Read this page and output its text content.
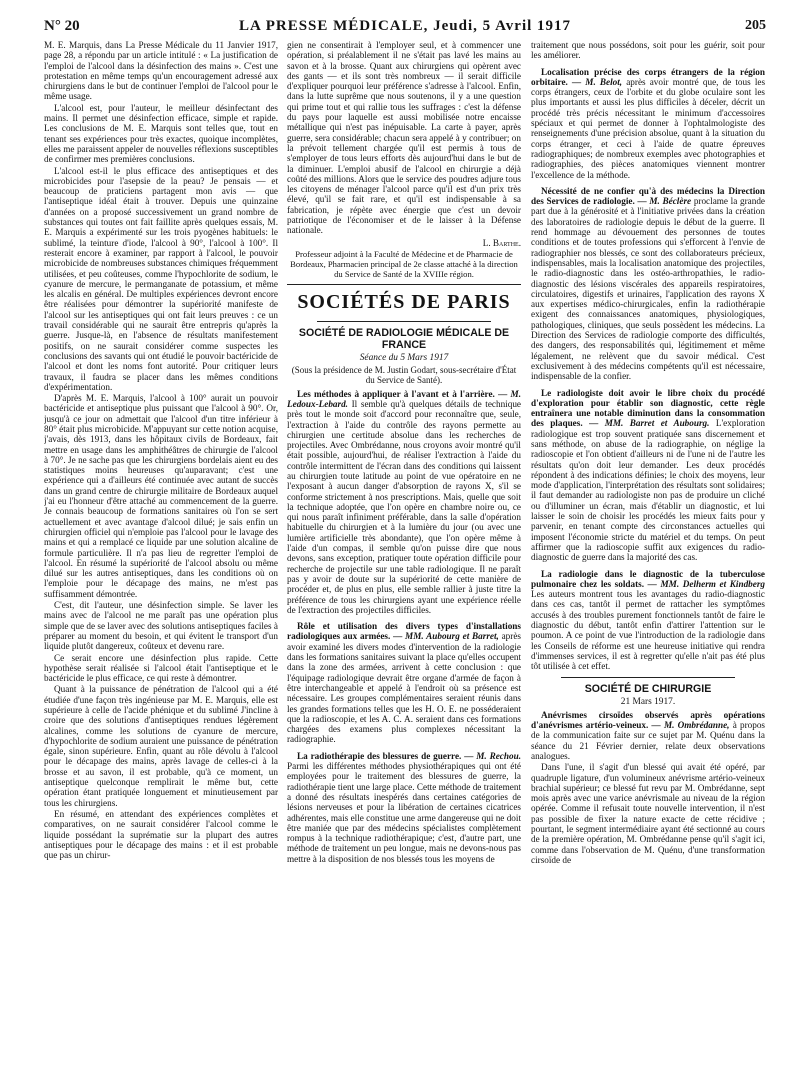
N° 20	LA PRESSE MÉDICALE, Jeudi, 5 Avril 1917	205

M. E. Marquis, dans La Presse Médicale du 11 Janvier 1917, page 28, a répondu par un article intitulé : « La justification de l'emploi de l'alcool dans la désinfection des mains ». C'est une protestation en même temps qu'un encouragement adressé aux chirurgiens dans le but de continuer l'emploi de l'alcool pour le même usage.

L'alcool est, pour l'auteur, le meilleur désinfectant des mains. Il permet une désinfection efficace, simple et rapide. Les conclusions de M. E. Marquis sont telles que, tout en tenant ses expériences pour très exactes, quoique incomplètes, elles me paraissent appeler de nouvelles réflexions susceptibles de confirmer mes premières conclusions.

L'alcool est-il le plus efficace des antiseptiques et des microbicides pour l'asepsie de la peau? Je pensais — et beaucoup de praticiens partagent mon avis — que l'antiseptique idéal était à trouver. Depuis une quinzaine d'années on a proposé successivement un grand nombre de substances qui toutes ont fait faillite après quelques essais, M. E. Marquis a expérimenté sur les trois pyogènes habituels: le sublimé, la teinture d'iode, l'alcool à 90°, l'alcool à 100°. Il resterait encore à examiner, par rapport à l'alcool, le pouvoir microbicide de nombreuses substances chimiques fréquemment utilisées, et peu coûteuses, comme l'hypochlorite de sodium, le cyanure de mercure, le permanganate de potassium, et même les alcalis en général. De multiples expériences devront encore être réalisées pour démontrer la supériorité manifeste de l'alcool sur les antiseptiques qui ont fait leurs preuves : ce un travail considérable qui ne saurait être entrepris qu'après la guerre. Jusque-là, en l'absence de résultats manifestement positifs, on ne saurait considérer comme suspectes les conclusions des savants qui ont étudié le pouvoir bactéricide de l'alcool et dont les noms font autorité. Pour critiquer leurs travaux, il faudra se placer dans les mêmes conditions d'expérimentation.

D'après M. E. Marquis, l'alcool à 100° aurait un pouvoir bactéricide et antiseptique plus puissant que l'alcool à 90°. Or, jusqu'à ce jour on admettait que l'alcool d'un titre inférieur à 80° était plus microbicide. M'appuyant sur cette notion acquise, j'avais, dès 1913, dans les hôpitaux civils de Bordeaux, fait mettre en usage dans les amphithéâtres de chirurgie de l'alcool à 70°. Je ne sache pas que les chirurgiens bordelais aient eu des statistiques moins heureuses qu'auparavant; c'est une expérience qui a d'ailleurs été continuée avec autant de succès dans un grand centre de chirurgie militaire de Bordeaux auquel j'ai eu l'honneur d'être attaché au commencement de la guerre. Je connais beaucoup de formations sanitaires où l'on se sert actuellement et avec avantage d'alcool dilué; je sais enfin un chirurgien officiel qui n'emploie pas l'alcool pour le lavage des mains et qui a remplacé ce liquide par une solution alcaline de formule particulière. Il n'a pas lieu de regretter l'emploi de l'alcool. En résumé la supériorité de l'alcool absolu ou même dilué sur les autres antiseptiques, dans les conditions où on l'emploie pour le décapage des mains, ne m'est pas suffisamment démontrée.

C'est, dit l'auteur, une désinfection simple. Se laver les mains avec de l'alcool ne me paraît pas une opération plus simple que de se laver avec des solutions antiseptiques faciles à préparer au moment du besoin, et qui évitent le transport d'un liquide plutôt dangereux, coûteux et devenu rare.

Ce serait encore une désinfection plus rapide. Cette hypothèse serait réalisée si l'alcool était l'antiseptique et le bactéricide le plus efficace, ce qui reste à démontrer.

Quant à la puissance de pénétration de l'alcool qui a été étudiée d'une façon très ingénieuse par M. E. Marquis, elle est supérieure à celle de l'acide phénique et du sublimé J'incline à croire que des solutions d'antiseptiques rendues légèrement alcalines, comme les solutions de cyanure de mercure, d'hypochlorite de sodium auraient une puissance de pénétration égale, sinon supérieure. Enfin, quant au rôle dévolu à l'alcool pour le décapage des mains, après lavage de celles-ci à la brosse et au savon, il est probable, qu'à ce moment, un antiseptique quelconque remplirait le même but, cette opération étant pratiquée longuement et minutieusement par tous les chirurgiens.

En résumé, en attendant des expériences complètes et comparatives, on ne saurait considérer l'alcool comme le liquide possédant la suprématie sur la plupart des autres antiseptiques pour le décapage des mains : et il est probable que pas un chirur-

gien ne consentirait à l'employer seul, et à commencer une opération, si préalablement il ne s'était pas lavé les mains au savon et à la brosse. Quant aux chirurgiens qui opèrent avec des gants — et ils sont très nombreux — il serait difficile d'expliquer pourquoi leur préférence s'adresse à l'alcool. Enfin, dans la lutte suprême que nous soutenons, il y a une question qui prime tout et qui rallie tous les suffrages : c'est la défense du pays pour laquelle est aussi mobilisée notre encaisse métallique qui n'est pas inépuisable. La carte à payer, après guerre, sera considérable; chacun sera appelé à y contribuer; on la prévoit tellement chargée qu'il est permis à tous de s'employer de tous leurs efforts dès aujourd'hui dans le but de la diminuer. L'emploi abusif de l'alcool en chirurgie a déjà coûté des millions. Alors que le service des poudres adjure tous les citoyens de ménager l'alcool parce qu'il est d'un prix très élevé, qu'il se fait rare, et qu'il est indispensable à sa fabrication, je répète avec énergie que c'est un devoir patriotique de l'économiser et de le laisser à la Défense nationale.

L. Barthe.
Professeur adjoint à la Faculté de Médecine et de Pharmacie de Bordeaux, Pharmacien principal de 2e classe attaché à la direction du Service de Santé de la XVIIIe région.
SOCIÉTÉS DE PARIS
SOCIÉTÉ DE RADIOLOGIE MÉDICALE DE FRANCE
Séance du 5 Mars 1917
(Sous la présidence de M. Justin Godart, sous-secrétaire d'État du Service de Santé).

Les méthodes à appliquer à l'avant et à l'arrière. — M. Ledoux-Lebard. Il semble qu'à quelques détails de technique près tout le monde soit d'accord pour reconnaître que, seule, l'extraction à l'aide du contrôle des rayons permette au chirurgien une certitude absolue dans les recherches de projectiles. Avec Ombrédanne, nous croyons avoir montré qu'il était possible, aujourd'hui, de réaliser l'extraction à l'aide du contrôle intermittent de l'écran dans des conditions qui laissent au chirurgien toute latitude au point de vue opératoire en ne l'exposant à aucun danger d'absorption de rayons X, s'il se conforme strictement à nos prescriptions. Mais, quelle que soit la technique adoptée, que l'on opère en chambre noire ou, ce qui nous paraît infiniment préférable, dans la salle d'opération habituelle du chirurgien et à la lumière du jour (ou avec une lumière artificielle très abondante), que l'on opère même à l'aide d'un compas, il semble qu'on puisse dire que nous devons, sans exception, pratiquer toute opération difficile pour recherche de projectile sur une table radiologique. Il ne paraît pas y avoir de doute sur la supériorité de cette manière de procéder et, de plus en plus, elle semble rallier à juste titre la préférence de tous les chirurgiens ayant une expérience réelle de l'extraction des projectiles difficiles.

Rôle et utilisation des divers types d'installations radiologiques aux armées. — MM. Aubourg et Barret, après avoir examiné les divers modes d'intervention de la radiologie dans les formations sanitaires suivant la place qu'elles occupent dans la zone des armées, arrivent à cette conclusion : que l'équipage radiologique devrait être organe d'armée de façon à être interchangeable et appelé à l'endroit où sa présence est nécessaire. Les groupes complémentaires seraient réunis dans les grandes formations telles que les H. O. E. ne posséderaient que la radioscopie, et les A. C. A. seraient dans ces formations chargées des examens plus complexes nécessitant la radiographie.

La radiothérapie des blessures de guerre. — M. Rechou. Parmi les différentes méthodes physiothérapiques qui ont été employées pour le traitement des blessures de guerre, la radiothérapie tient une large place. Cette méthode de traitement a donné des résultats inespérés dans certaines catégories de lésions nerveuses et pour la libération de certaines cicatrices adhérentes, mais elle constitue une arme dangereuse qui ne doit être maniée que par des médecins spécialistes complètement rompus à la technique radiothérapique; c'est, d'autre part, une méthode de traitement un peu longue, mais ne devons-nous pas mettre à la disposition de nos blessés tous les moyens de

traitement que nous possédons, soit pour les guérir, soit pour les améliorer.

Localisation précise des corps étrangers de la région orbitaire. — M. Belot, après avoir montré que, de tous les corps étrangers, ceux de l'orbite et du globe oculaire sont les plus importants et aussi les plus difficiles à déceler, décrit un procédé très précis nécessitant le minimum d'accessoires spéciaux et qui permet de donner à l'ophtalmologiste des renseignements d'une précision absolue, quant à la situation du corps étranger, et ceci à l'aide de quatre épreuves radiographiques; de nombreux exemples avec photographies et radiographies, des pièces anatomiques viennent montrer l'excellence de la méthode.

Nécessité de ne confier qu'à des médecins la Direction des Services de radiologie. — M. Béclère proclame la grande part due à la générosité et à l'initiative privées dans la création des laboratoires de radiologie depuis le début de la guerre. Il rend hommage au dévouement des personnes de toutes conditions et de toutes professions qui s'efforcent à l'envie de radiographier nos blessés, ce sont des collaborateurs précieux, indispensables, mais la localisation anatomique des projectiles, le radio-diagnostic dans les ostéo-arthropathies, le radio-diagnostic des lésions viscérales des appareils respiratoires, circulatoires, digestifs et urinaires, l'application des rayons X aux expertises médico-chirurgicales, enfin la radiothérapie exigent des connaissances anatomiques, physiologiques, pathologiques, cliniques, que seuls possèdent les médecins. La Direction des Services de radiologie comporte des difficultés, des dangers, des responsabilités qui, légitimement et même légalement, ne relèvent que du savoir médical. C'est exclusivement à des médecins compétents qu'il est nécessaire, indispensable de la confier.

Le radiologiste doit avoir le libre choix du procédé d'exploration pour établir son diagnostic, cette règle entraînera une notable diminution dans la consommation des plaques. — MM. Barret et Aubourg. L'exploration radiologique est trop souvent pratiquée sans discernement et sans méthode, on abuse de la radiographie, on néglige la radioscopie et l'on obtient d'ailleurs ni de l'une ni de l'autre les résultats qu'on doit leur demander. Les deux procédés répondent à des indications définies; le choix des moyens, leur mode d'application, l'interprétation des résultats sont solidaires; il faut demander au radiologiste non pas de produire un cliché ou d'illuminer un écran, mais d'établir un diagnostic, et lui laisser le soin de choisir les procédés les mieux faits pour y parvenir, en tenant compte des circonstances actuelles qui imposent l'économie stricte du matériel et du temps. On peut affirmer que la radioscopie suffit aux exigences du radio-diagnostic de guerre dans la majorité des cas.

La radiologie dans le diagnostic de la tuberculose pulmonaire chez les soldats. — MM. Delherm et Kindberg Les auteurs montrent tous les avantages du radio-diagnostic dans ces cas, tantôt il permet de rattacher les symptômes accusés à des troubles purement fonctionnels tantôt de faire le diagnostic du début, tantôt enfin d'attirer l'attention sur le poumon. A ce point de vue l'introduction de la radiologie dans les Conseils de réforme est une heureuse initiative qui rendra d'immenses services, il est à regretter qu'elle n'ait pas été plus tôt utilisée à cet effet.

SOCIÉTÉ DE CHIRURGIE
21 Mars 1917.

Anévrismes cirsoïdes observés après opérations d'anévrismes artério-veineux. — M. Ombrédanne, à propos de la communication faite sur ce sujet par M. Quénu dans la séance du 21 Février dernier, relate deux observations analogues.

Dans l'une, il s'agit d'un blessé qui avait été opéré, par quadruple ligature, d'un volumineux anévrisme artério-veineux brachial supérieur; ce blessé fut revu par M. Ombrédanne, sept mois après avec une varice anévrismale au niveau de la région opérée. Comme il refusait toute nouvelle intervention, il n'est pas possible de fixer la nature exacte de cette récidive ; pourtant, le segment intermédiaire ayant été sectionné au cours de la première opération, M. Ombrédanne pense qu'il s'agit ici, comme dans l'observation de M. Quénu, d'une transformation cirsoïde de
